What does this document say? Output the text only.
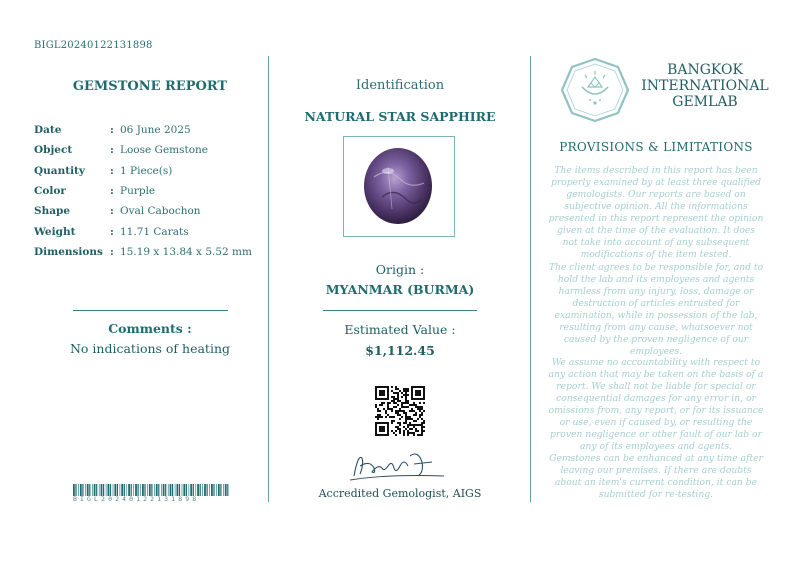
BIGL20240122131898
GEMSTONE REPORT
Date	: 06 June 2025
Object	: Loose Gemstone
Quantity	: 1 Piece(s)
Color	: Purple
Shape	: Oval Cabochon
Weight	: 11.71 Carats
Dimensions : 15.19 x 13.84 x 5.52 mm
Comments :
No indications of heating
BIGL20240122131898
Identification
NATURAL STAR SAPPHIRE
Origin :
MYANMAR (BURMA)
Estimated Value :
$1,112.45
Accredited Gemologist, AIGS
BANGKOK
INTERNATIONAL
GEMLAB
PROVISIONS & LIMITATIONS
The items described in this report has been properly examined by at least three qualified gemologists. Our reports are based on subjective opinion. All the informations presented in this report represent the opinion given at the time of the evaluation. It does not take into account of any subsequent modifications of the item tested.
The client agrees to be responsible for, and to hold the lab and its employees and agents harmless from any injury, loss, damage or destruction of articles entrusted for examination, while in possession of the lab, resulting from any cause, whatsoever not caused by the proven negligence of our employees.
We assume no accountability with respect to any action that may be taken on the basis of a report. We shall not be liable for special or consequential damages for any error in, or omissions from, any report, or for its issuance or use, even if caused by, or resulting the proven negligence or other fault of our lab or any of its employees and agents.
Gemstones can be enhanced at any time after leaving our premises. If there are doubts about an item's current condition, it can be submitted for re-testing.
